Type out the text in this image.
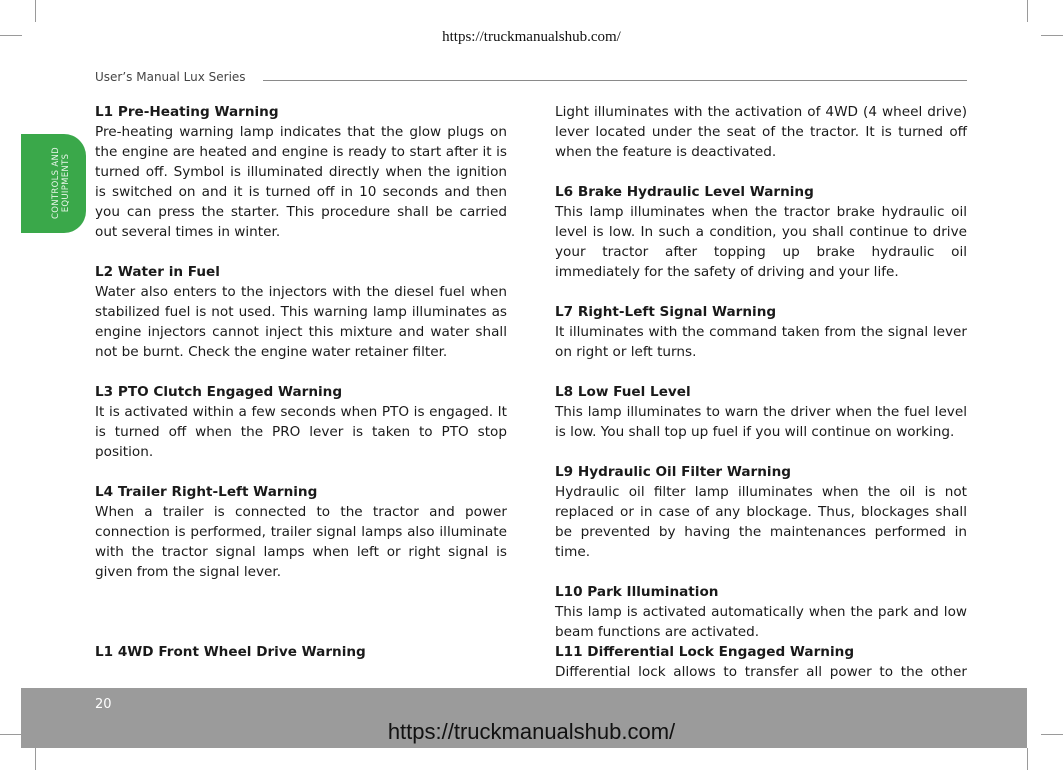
https://truckmanualshub.com/
User’s Manual Lux Series
CONTROLS AND EQUIPMENTS
L1 Pre-Heating Warning

Pre-heating warning lamp indicates that the glow plugs on the engine are heated and engine is ready to start after it is turned off. Symbol is illuminated directly when the ignition is switched on and it is turned off in 10 seconds and then you can press the starter. This procedure shall be carried out several times in winter.

L2 Water in Fuel

Water also enters to the injectors with the diesel fuel when stabilized fuel is not used. This warning lamp illuminates as engine injectors cannot inject this mixture and water shall not be burnt. Check the engine water retainer filter.

L3 PTO Clutch Engaged Warning

It is activated within a few seconds when PTO is engaged. It is turned off when the PRO lever is taken to PTO stop position.

L4 Trailer Right-Left Warning

When a trailer is connected to the tractor and power connection is performed, trailer signal lamps also illuminate with the tractor signal lamps when left or right signal is given from the signal lever.

L1 4WD Front Wheel Drive Warning

Light illuminates with the activation of 4WD (4 wheel drive) lever located under the seat of the tractor. It is turned off when the feature is deactivated.

L6 Brake Hydraulic Level Warning

This lamp illuminates when the tractor brake hydraulic oil level is low. In such a condition, you shall continue to drive your tractor after topping up brake hydraulic oil immediately for the safety of driving and your life.

L7 Right-Left Signal Warning

It illuminates with the command taken from the signal lever on right or left turns.

L8 Low Fuel Level

This lamp illuminates to warn the driver when the fuel level is low. You shall top up fuel if you will continue on working.

L9 Hydraulic Oil Filter Warning

Hydraulic oil filter lamp illuminates when the oil is not replaced or in case of any blockage. Thus, blockages shall be prevented by having the maintenances performed in time.

L10 Park Illumination

This lamp is activated automatically when the park and low beam functions are activated.

L11 Differential Lock Engaged Warning

Differential lock allows to transfer all power to the other

20
https://truckmanualshub.com/
